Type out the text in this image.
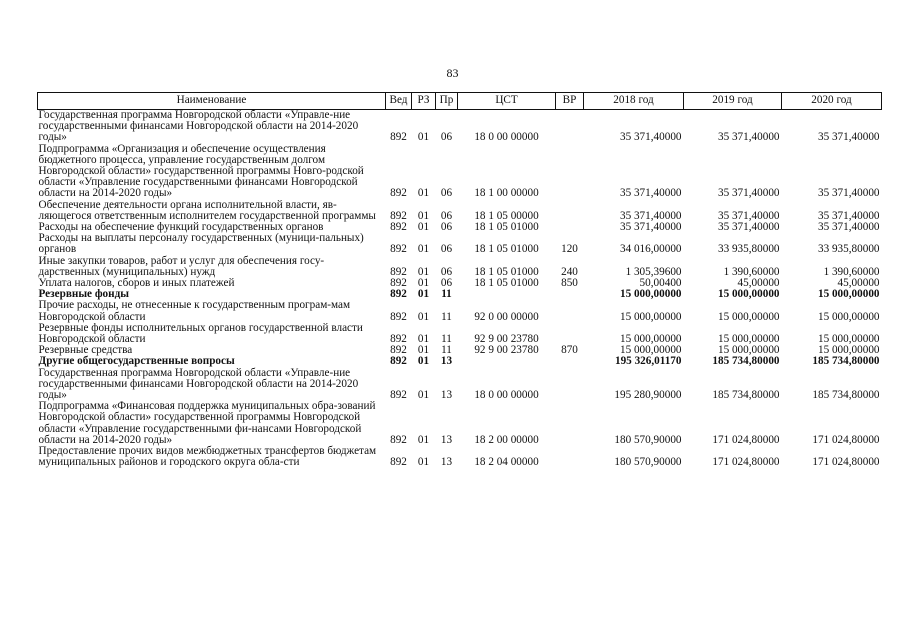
83
Наименование	Вед	РЗ	Пр	ЦСТ	ВР	2018 год	2019 год	2020 год
Государственная программа Новгородской области «Управле-ние государственными финансами Новгородской области на 2014-2020 годы»	892	01	06	18 0 00 00000		35 371,40000	35 371,40000	35 371,40000
Подпрограмма «Организация и обеспечение осуществления бюджетного процесса, управление государственным долгом Новгородской области» государственной программы Новго-родской области «Управление государственными финансами Новгородской области на 2014-2020 годы»	892	01	06	18 1 00 00000		35 371,40000	35 371,40000	35 371,40000
Обеспечение деятельности органа исполнительной власти, яв-ляющегося ответственным исполнителем государственной программы	892	01	06	18 1 05 00000		35 371,40000	35 371,40000	35 371,40000
Расходы на обеспечение функций государственных органов	892	01	06	18 1 05 01000		35 371,40000	35 371,40000	35 371,40000
Расходы на выплаты персоналу государственных (муници-пальных) органов	892	01	06	18 1 05 01000	120	34 016,00000	33 935,80000	33 935,80000
Иные закупки товаров, работ и услуг для обеспечения госу-дарственных (муниципальных) нужд	892	01	06	18 1 05 01000	240	1 305,39600	1 390,60000	1 390,60000
Уплата налогов, сборов и иных платежей	892	01	06	18 1 05 01000	850	50,00400	45,00000	45,00000
Резервные фонды	892	01	11			15 000,00000	15 000,00000	15 000,00000
Прочие расходы, не отнесенные к государственным програм-мам Новгородской области	892	01	11	92 0 00 00000		15 000,00000	15 000,00000	15 000,00000
Резервные фонды исполнительных органов государственной власти Новгородской области	892	01	11	92 9 00 23780		15 000,00000	15 000,00000	15 000,00000
Резервные средства	892	01	11	92 9 00 23780	870	15 000,00000	15 000,00000	15 000,00000
Другие общегосударственные вопросы	892	01	13			195 326,01170	185 734,80000	185 734,80000
Государственная программа Новгородской области «Управле-ние государственными финансами Новгородской области на 2014-2020 годы»	892	01	13	18 0 00 00000		195 280,90000	185 734,80000	185 734,80000
Подпрограмма «Финансовая поддержка муниципальных обра-зований Новгородской области» государственной программы Новгородской области «Управление государственными фи-нансами Новгородской области на 2014-2020 годы»	892	01	13	18 2 00 00000		180 570,90000	171 024,80000	171 024,80000
Предоставление прочих видов межбюджетных трансфертов бюджетам муниципальных районов и городского округа обла-сти	892	01	13	18 2 04 00000		180 570,90000	171 024,80000	171 024,80000
